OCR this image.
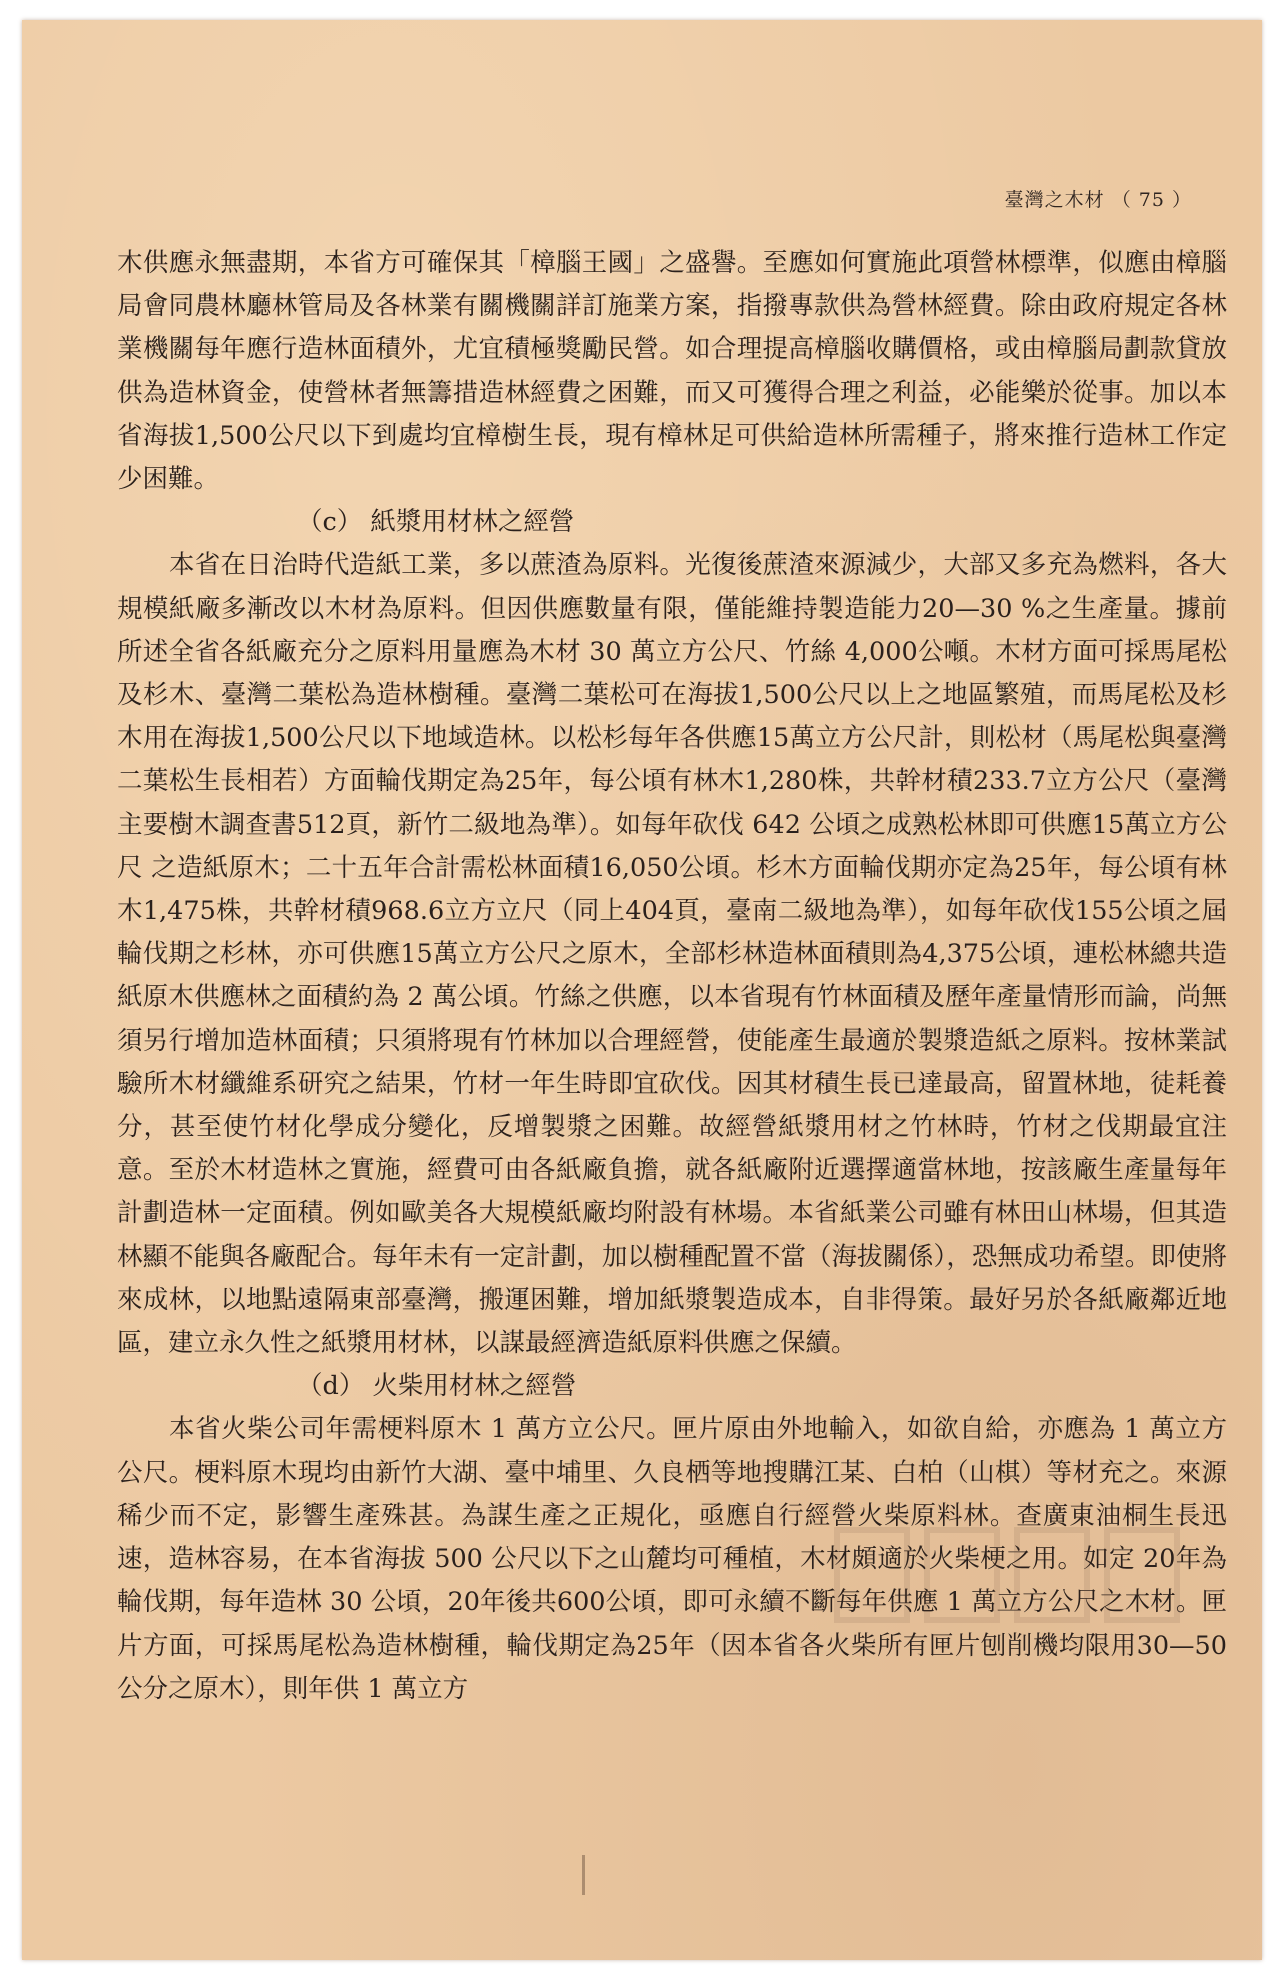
臺灣之木材 （ 75 ）

木供應永無盡期，本省方可確保其「樟腦王國」之盛譽。至應如何實施此項營林標準，似應由樟腦局會同農林廳林管局及各林業有關機關詳訂施業方案，指撥專款供為營林經費。除由政府規定各林業機關每年應行造林面積外，尤宜積極獎勵民營。如合理提高樟腦收購價格，或由樟腦局劃款貸放供為造林資金，使營林者無籌措造林經費之困難，而又可獲得合理之利益，必能樂於從事。加以本省海拔1,500公尺以下到處均宜樟樹生長，現有樟林足可供給造林所需種子，將來推行造林工作定少困難。

（c） 紙漿用材林之經營

本省在日治時代造紙工業，多以蔗渣為原料。光復後蔗渣來源減少，大部又多充為燃料，各大規模紙廠多漸改以木材為原料。但因供應數量有限，僅能維持製造能力20—30 %之生產量。據前所述全省各紙廠充分之原料用量應為木材 30 萬立方公尺、竹絲 4,000公噸。木材方面可採馬尾松及杉木、臺灣二葉松為造林樹種。臺灣二葉松可在海拔1,500公尺以上之地區繁殖，而馬尾松及杉木用在海拔1,500公尺以下地域造林。以松杉每年各供應15萬立方公尺計，則松材（馬尾松與臺灣二葉松生長相若）方面輪伐期定為25年，每公頃有林木1,280株，共幹材積233.7立方公尺（臺灣主要樹木調查書512頁，新竹二級地為準）。如每年砍伐 642 公頃之成熟松林即可供應15萬立方公尺 之造紙原木；二十五年合計需松林面積16,050公頃。杉木方面輪伐期亦定為25年，每公頃有林木1,475株，共幹材積968.6立方立尺（同上404頁，臺南二級地為準），如每年砍伐155公頃之屆輪伐期之杉林，亦可供應15萬立方公尺之原木，全部杉林造林面積則為4,375公頃，連松林總共造紙原木供應林之面積約為 2 萬公頃。竹絲之供應，以本省現有竹林面積及歷年產量情形而論，尚無須另行增加造林面積；只須將現有竹林加以合理經營，使能產生最適於製漿造紙之原料。按林業試驗所木材纖維系研究之結果，竹材一年生時即宜砍伐。因其材積生長已達最高，留置林地，徒耗養分，甚至使竹材化學成分變化，反增製漿之困難。故經營紙漿用材之竹林時，竹材之伐期最宜注意。至於木材造林之實施，經費可由各紙廠負擔，就各紙廠附近選擇適當林地，按該廠生產量每年計劃造林一定面積。例如歐美各大規模紙廠均附設有林場。本省紙業公司雖有林田山林場，但其造林顯不能與各廠配合。每年未有一定計劃，加以樹種配置不當（海拔關係），恐無成功希望。即使將來成林，以地點遠隔東部臺灣，搬運困難，增加紙漿製造成本，自非得策。最好另於各紙廠鄰近地區，建立永久性之紙漿用材林，以謀最經濟造紙原料供應之保續。

（d） 火柴用材林之經營

本省火柴公司年需梗料原木 1 萬方立公尺。匣片原由外地輸入，如欲自給，亦應為 1 萬立方公尺。梗料原木現均由新竹大湖、臺中埔里、久良栖等地搜購江某、白柏（山棋）等材充之。來源稀少而不定，影響生產殊甚。為謀生產之正規化，亟應自行經營火柴原料林。查廣東油桐生長迅速，造林容易，在本省海拔 500 公尺以下之山麓均可種植，木材頗適於火柴梗之用。如定 20年為輪伐期，每年造林 30 公頃，20年後共600公頃，即可永續不斷每年供應 1 萬立方公尺之木材。匣片方面，可採馬尾松為造林樹種，輪伐期定為25年（因本省各火柴所有匣片刨削機均限用30—50公分之原木），則年供 1 萬立方
